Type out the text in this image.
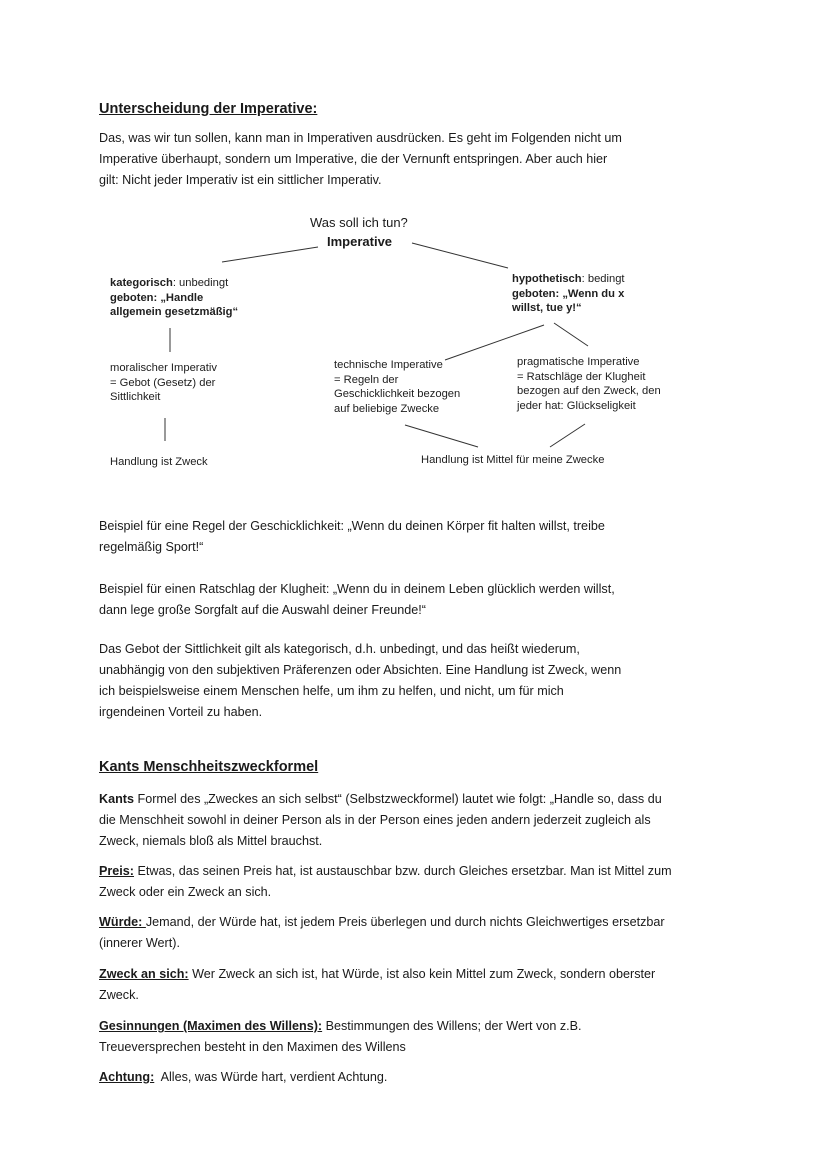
Unterscheidung der Imperative:
Das, was wir tun sollen, kann man in Imperativen ausdrücken. Es geht im Folgenden nicht um
Imperative überhaupt, sondern um Imperative, die der Vernunft entspringen. Aber auch hier
gilt: Nicht jeder Imperativ ist ein sittlicher Imperativ.
Was soll ich tun?
Imperative
kategorisch: unbedingt
geboten: „Handle
allgemein gesetzmäßig“
hypothetisch: bedingt
geboten: „Wenn du x
willst, tue y!“
moralischer Imperativ
= Gebot (Gesetz) der
Sittlichkeit
technische Imperative
= Regeln der
Geschicklichkeit bezogen
auf beliebige Zwecke
pragmatische Imperative
= Ratschläge der Klugheit
bezogen auf den Zweck, den
jeder hat: Glückseligkeit
Handlung ist Zweck	Handlung ist Mittel für meine Zwecke
Beispiel für eine Regel der Geschicklichkeit: „Wenn du deinen Körper fit halten willst, treibe
regelmäßig Sport!“
Beispiel für einen Ratschlag der Klugheit: „Wenn du in deinem Leben glücklich werden willst,
dann lege große Sorgfalt auf die Auswahl deiner Freunde!“
Das Gebot der Sittlichkeit gilt als kategorisch, d.h. unbedingt, und das heißt wiederum,
unabhängig von den subjektiven Präferenzen oder Absichten. Eine Handlung ist Zweck, wenn
ich beispielsweise einem Menschen helfe, um ihm zu helfen, und nicht, um für mich
irgendeinen Vorteil zu haben.
Kants Menschheitszweckformel
Kants Formel des „Zweckes an sich selbst“ (Selbstzweckformel) lautet wie folgt: „Handle so, dass du
die Menschheit sowohl in deiner Person als in der Person eines jeden andern jederzeit zugleich als
Zweck, niemals bloß als Mittel brauchst.
Preis: Etwas, das seinen Preis hat, ist austauschbar bzw. durch Gleiches ersetzbar. Man ist Mittel zum
Zweck oder ein Zweck an sich.
Würde: Jemand, der Würde hat, ist jedem Preis überlegen und durch nichts Gleichwertiges ersetzbar
(innerer Wert).
Zweck an sich: Wer Zweck an sich ist, hat Würde, ist also kein Mittel zum Zweck, sondern oberster
Zweck.
Gesinnungen (Maximen des Willens): Bestimmungen des Willens; der Wert von z.B.
Treueversprechen besteht in den Maximen des Willens
Achtung:  Alles, was Würde hart, verdient Achtung.
